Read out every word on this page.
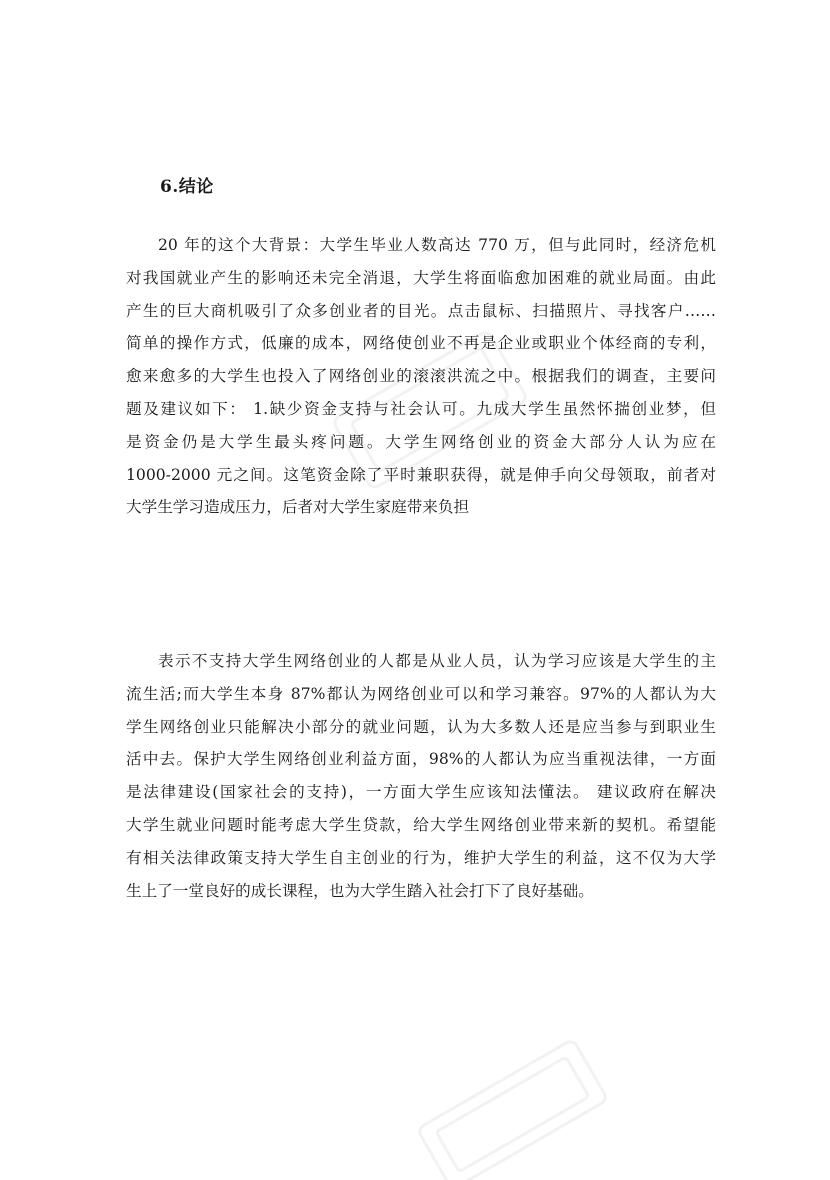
6.结论
20 年的这个大背景：大学生毕业人数高达 770 万，但与此同时，经济危机
对我国就业产生的影响还未完全消退，大学生将面临愈加困难的就业局面。由此
产生的巨大商机吸引了众多创业者的目光。点击鼠标、扫描照片、寻找客户……
简单的操作方式，低廉的成本，网络使创业不再是企业或职业个体经商的专利，
愈来愈多的大学生也投入了网络创业的滚滚洪流之中。根据我们的调查，主要问
题及建议如下： 1.缺少资金支持与社会认可。九成大学生虽然怀揣创业梦，但
是资金仍是大学生最头疼问题。大学生网络创业的资金大部分人认为应在
1000-2000 元之间。这笔资金除了平时兼职获得，就是伸手向父母领取，前者对
大学生学习造成压力，后者对大学生家庭带来负担
表示不支持大学生网络创业的人都是从业人员，认为学习应该是大学生的主
流生活;而大学生本身 87%都认为网络创业可以和学习兼容。97%的人都认为大
学生网络创业只能解决小部分的就业问题，认为大多数人还是应当参与到职业生
活中去。保护大学生网络创业利益方面，98%的人都认为应当重视法律，一方面
是法律建设(国家社会的支持)，一方面大学生应该知法懂法。 建议政府在解决
大学生就业问题时能考虑大学生贷款，给大学生网络创业带来新的契机。希望能
有相关法律政策支持大学生自主创业的行为，维护大学生的利益，这不仅为大学
生上了一堂良好的成长课程，也为大学生踏入社会打下了良好基础。
